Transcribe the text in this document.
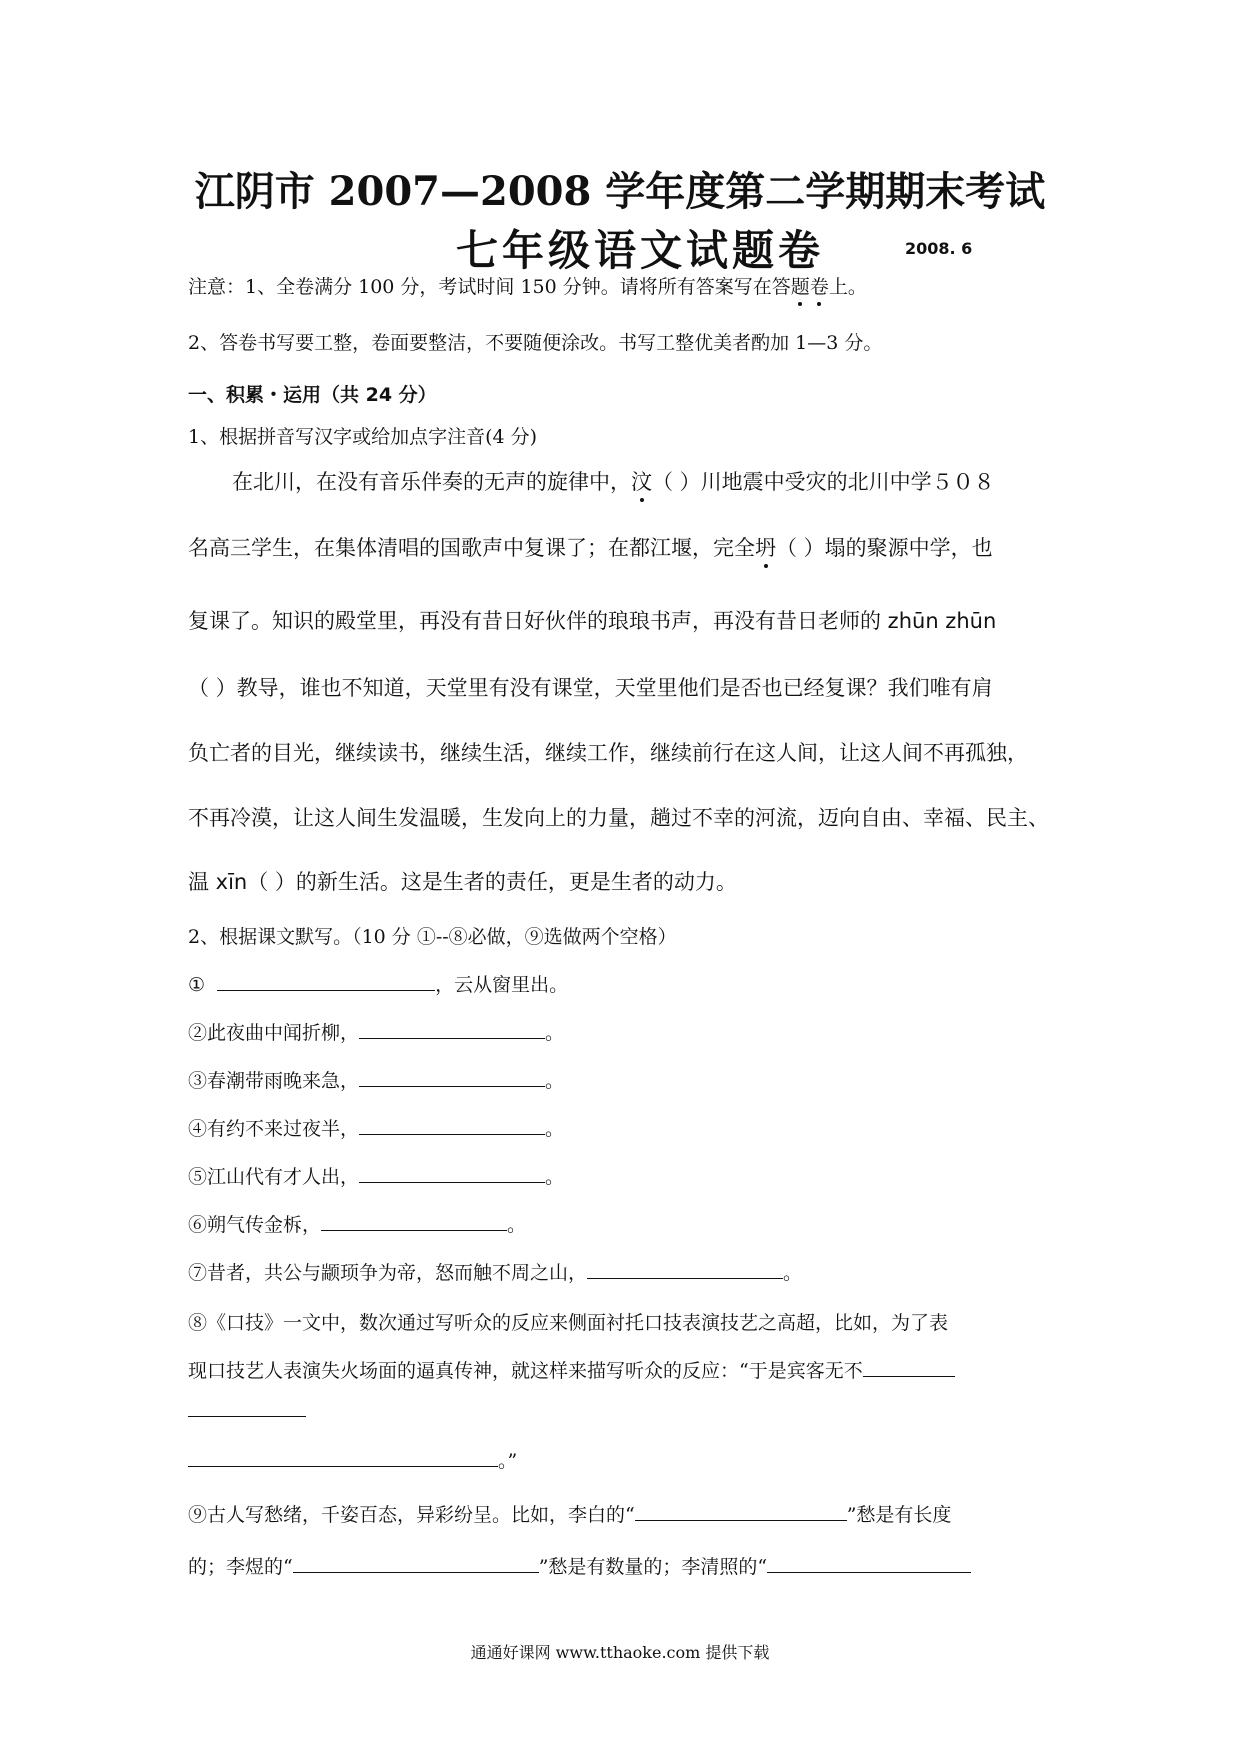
江阴市 2007—2008 学年度第二学期期末考试
七年级语文试题卷	2008. 6
注意：1、全卷满分 100 分，考试时间 150 分钟。请将所有答案写在答题卷上。
2、答卷书写要工整，卷面要整洁，不要随便涂改。书写工整优美者酌加 1—3 分。
一、积累・运用（共 24 分）
1、根据拼音写汉字或给加点字注音(4 分)
在北川，在没有音乐伴奏的无声的旋律中，汶（ ）川地震中受灾的北川中学５０８
名高三学生，在集体清唱的国歌声中复课了；在都江堰，完全坍（ ）塌的聚源中学，也
复课了。知识的殿堂里，再没有昔日好伙伴的琅琅书声，再没有昔日老师的 zhūn zhūn
（ ）教导，谁也不知道，天堂里有没有课堂，天堂里他们是否也已经复课？我们唯有肩
负亡者的目光，继续读书，继续生活，继续工作，继续前行在这人间，让这人间不再孤独，
不再冷漠，让这人间生发温暖，生发向上的力量，趟过不幸的河流，迈向自由、幸福、民主、
温 xīn（ ）的新生活。这是生者的责任，更是生者的动力。
2、根据课文默写。（10 分 ①--⑧必做，⑨选做两个空格）
①	，云从窗里出。
②此夜曲中闻折柳，	。
③春潮带雨晚来急，	。
④有约不来过夜半，	。
⑤江山代有才人出，	。
⑥朔气传金柝，	。
⑦昔者，共公与颛顼争为帝，怒而触不周之山，	。
⑧《口技》一文中，数次通过写听众的反应来侧面衬托口技表演技艺之高超，比如，为了表
现口技艺人表演失火场面的逼真传神，就这样来描写听众的反应：“于是宾客无不
。”
⑨古人写愁绪，千姿百态，异彩纷呈。比如，李白的“	”愁是有长度
的；李煜的“	”愁是有数量的；李清照的“
通通好课网 www.tthaoke.com 提供下载
